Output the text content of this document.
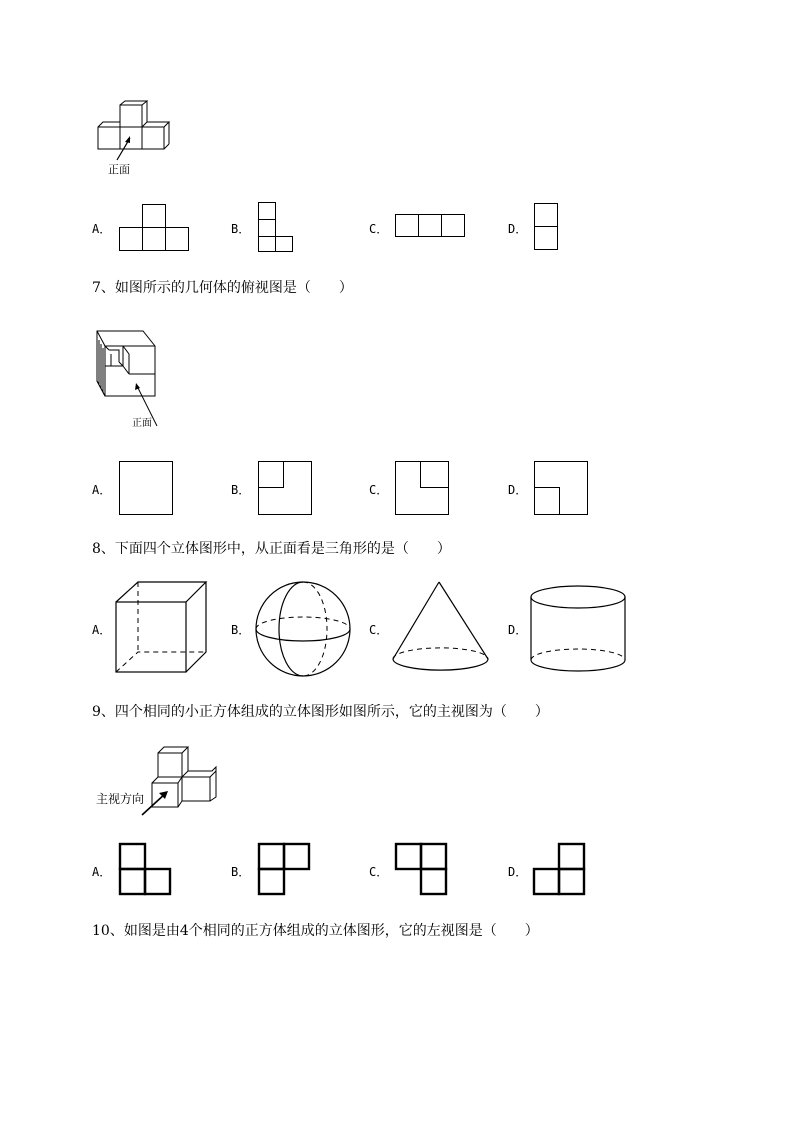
正面
A．	B．	C．	D．
7、如图所示的几何体的俯视图是（　　）
正面
A．	B．	C．	D．
8、下面四个立体图形中，从正面看是三角形的是（　　）
A．	B．	C．	D．
9、四个相同的小正方体组成的立体图形如图所示，它的主视图为（　　）
主视方向
A．	B．	C．	D．
10、如图是由4个相同的正方体组成的立体图形，它的左视图是（　　）
